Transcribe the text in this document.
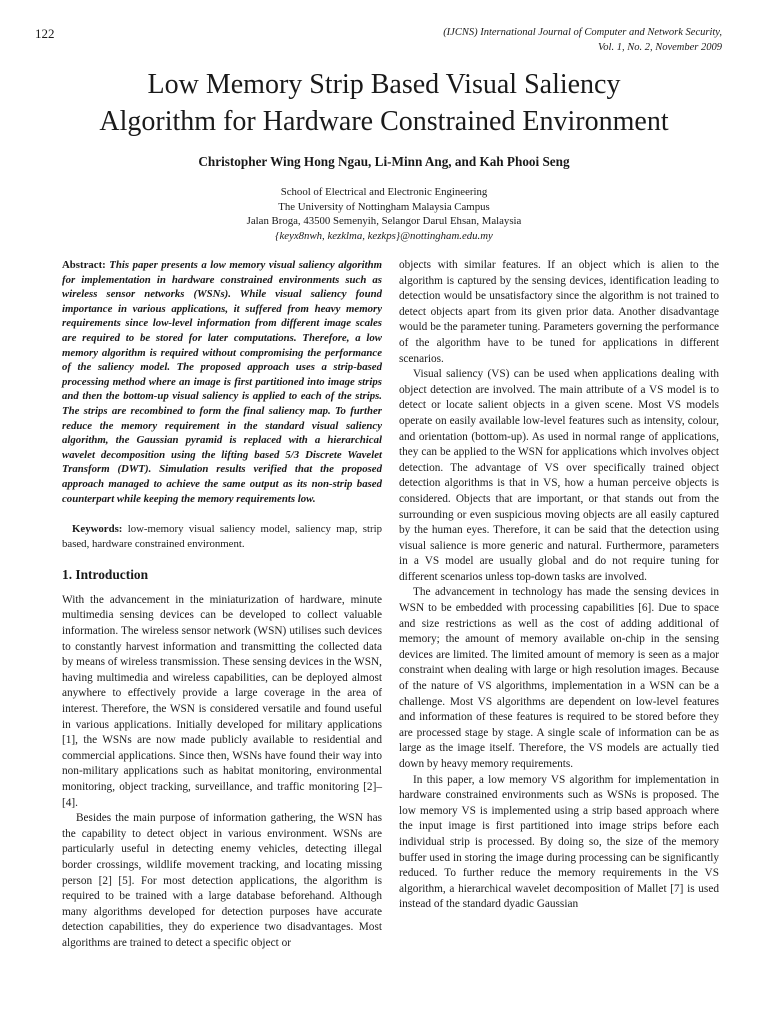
122	(IJCNS) International Journal of Computer and Network Security,
Vol. 1, No. 2, November 2009
Low Memory Strip Based Visual Saliency
Algorithm for Hardware Constrained Environment
Christopher Wing Hong Ngau, Li-Minn Ang, and Kah Phooi Seng
School of Electrical and Electronic Engineering
The University of Nottingham Malaysia Campus
Jalan Broga, 43500 Semenyih, Selangor Darul Ehsan, Malaysia
{keyx8nwh, kezklma, kezkps}@nottingham.edu.my

Abstract: This paper presents a low memory visual saliency algorithm for implementation in hardware constrained environments such as wireless sensor networks (WSNs). While visual saliency found importance in various applications, it suffered from heavy memory requirements since low-level information from different image scales are required to be stored for later computations. Therefore, a low memory algorithm is required without compromising the performance of the saliency model. The proposed approach uses a strip-based processing method where an image is first partitioned into image strips and then the bottom-up visual saliency is applied to each of the strips. The strips are recombined to form the final saliency map. To further reduce the memory requirement in the standard visual saliency algorithm, the Gaussian pyramid is replaced with a hierarchical wavelet decomposition using the lifting based 5/3 Discrete Wavelet Transform (DWT). Simulation results verified that the proposed approach managed to achieve the same output as its non-strip based counterpart while keeping the memory requirements low.

Keywords: low-memory visual saliency model, saliency map, strip based, hardware constrained environment.

1. Introduction

With the advancement in the miniaturization of hardware, minute multimedia sensing devices can be developed to collect valuable information. The wireless sensor network (WSN) utilises such devices to constantly harvest information and transmitting the collected data by means of wireless transmission. These sensing devices in the WSN, having multimedia and wireless capabilities, can be deployed almost anywhere to effectively provide a large coverage in the area of interest. Therefore, the WSN is considered versatile and found useful in various applications. Initially developed for military applications [1], the WSNs are now made publicly available to residential and commercial applications. Since then, WSNs have found their way into non-military applications such as habitat monitoring, environmental monitoring, object tracking, surveillance, and traffic monitoring [2]–[4].

Besides the main purpose of information gathering, the WSN has the capability to detect object in various environment. WSNs are particularly useful in detecting enemy vehicles, detecting illegal border crossings, wildlife movement tracking, and locating missing person [2] [5]. For most detection applications, the algorithm is required to be trained with a large database beforehand. Although many algorithms developed for detection purposes have accurate detection capabilities, they do experience two disadvantages. Most algorithms are trained to detect a specific object or

objects with similar features. If an object which is alien to the algorithm is captured by the sensing devices, identification leading to detection would be unsatisfactory since the algorithm is not trained to detect objects apart from its given prior data. Another disadvantage would be the parameter tuning. Parameters governing the performance of the algorithm have to be tuned for applications in different scenarios.

Visual saliency (VS) can be used when applications dealing with object detection are involved. The main attribute of a VS model is to detect or locate salient objects in a given scene. Most VS models operate on easily available low-level features such as intensity, colour, and orientation (bottom-up). As used in normal range of applications, they can be applied to the WSN for applications which involves object detection. The advantage of VS over specifically trained object detection algorithms is that in VS, how a human perceive objects is considered. Objects that are important, or that stands out from the surrounding or even suspicious moving objects are all easily captured by the human eyes. Therefore, it can be said that the detection using visual salience is more generic and natural. Furthermore, parameters in a VS model are usually global and do not require tuning for different scenarios unless top-down tasks are involved.

The advancement in technology has made the sensing devices in WSN to be embedded with processing capabilities [6]. Due to space and size restrictions as well as the cost of adding additional of memory; the amount of memory available on-chip in the sensing devices are limited. The limited amount of memory is seen as a major constraint when dealing with large or high resolution images. Because of the nature of VS algorithms, implementation in a WSN can be a challenge. Most VS algorithms are dependent on low-level features and information of these features is required to be stored before they are processed stage by stage. A single scale of information can be as large as the image itself. Therefore, the VS models are actually tied down by heavy memory requirements.

In this paper, a low memory VS algorithm for implementation in hardware constrained environments such as WSNs is proposed. The low memory VS is implemented using a strip based approach where the input image is first partitioned into image strips before each individual strip is processed. By doing so, the size of the memory buffer used in storing the image during processing can be significantly reduced. To further reduce the memory requirements in the VS algorithm, a hierarchical wavelet decomposition of Mallet [7] is used instead of the standard dyadic Gaussian
